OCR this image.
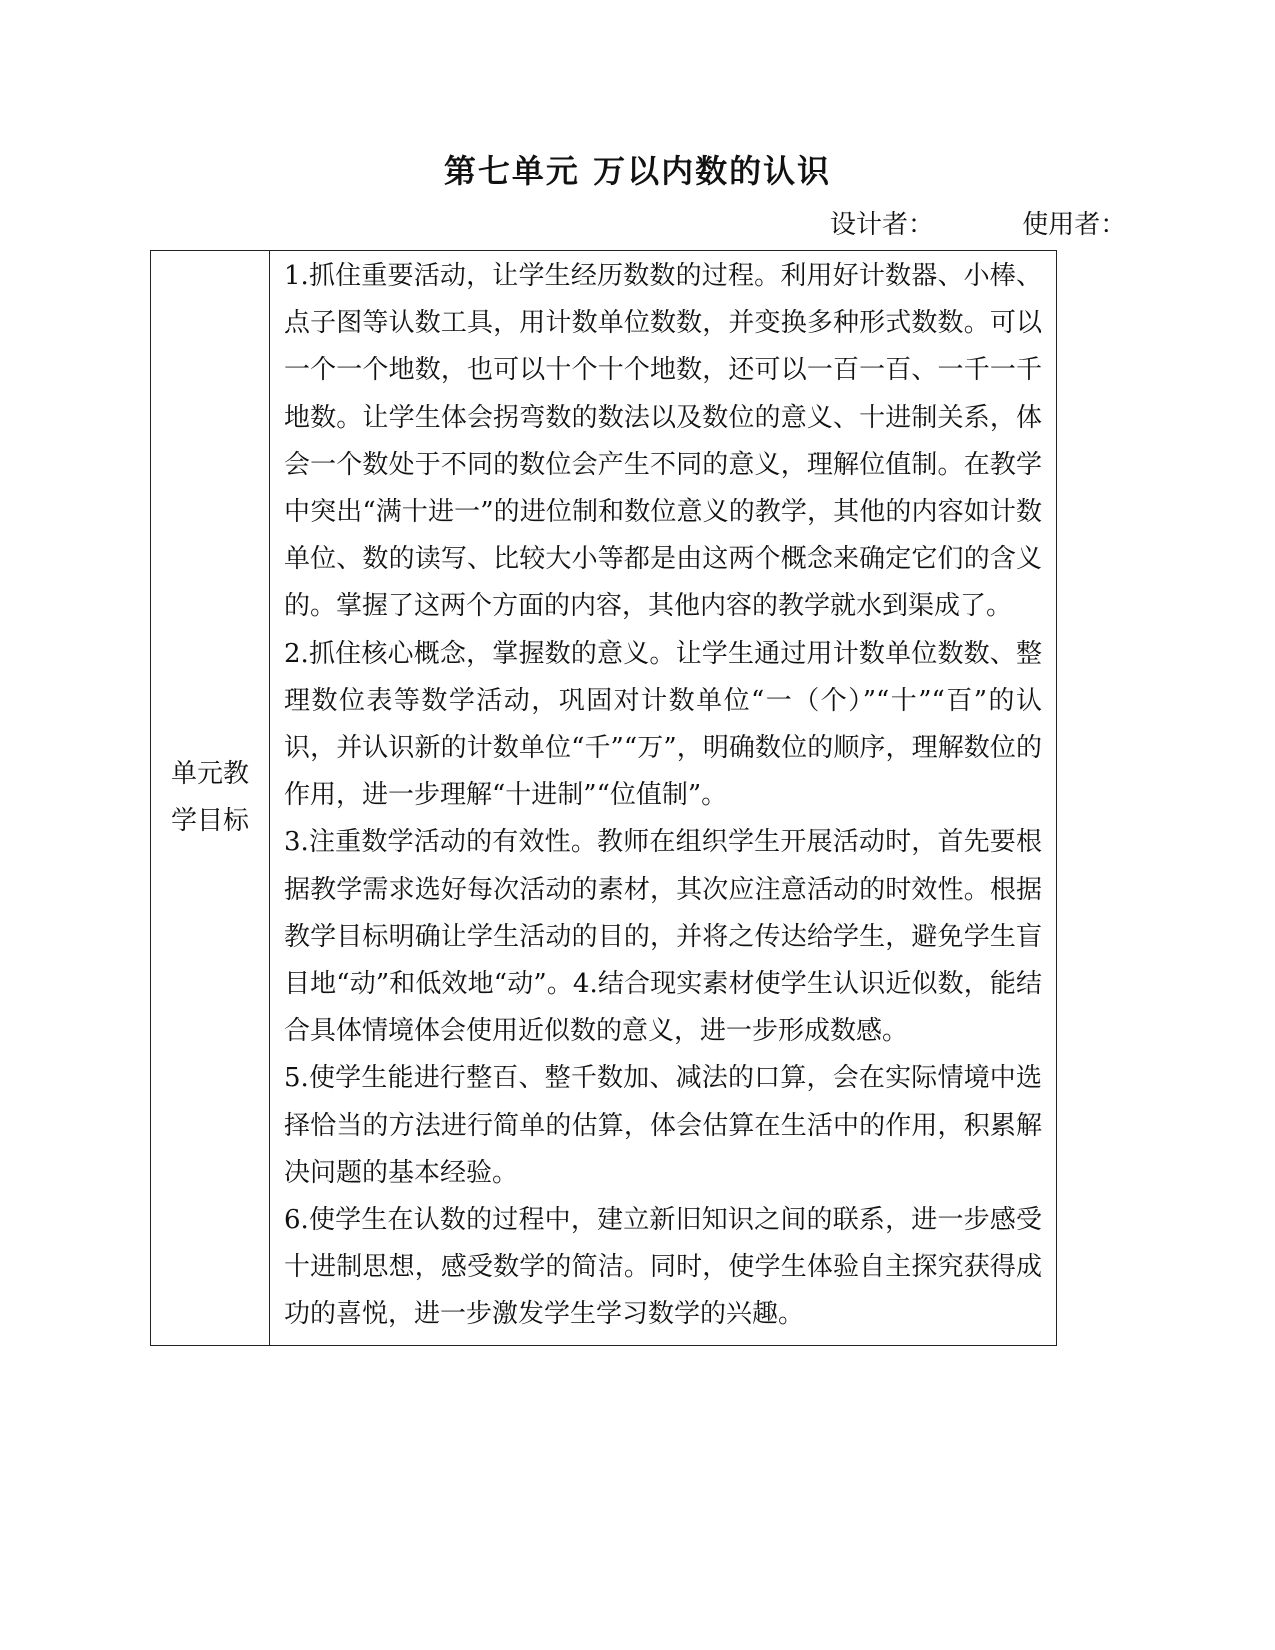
第七单元 万以内数的认识
设计者：	使用者：
单元教学目标	

1.抓住重要活动，让学生经历数数的过程。利用好计数器、小棒、点子图等认数工具，用计数单位数数，并变换多种形式数数。可以一个一个地数，也可以十个十个地数，还可以一百一百、一千一千地数。让学生体会拐弯数的数法以及数位的意义、十进制关系，体会一个数处于不同的数位会产生不同的意义，理解位值制。在教学中突出“满十进一”的进位制和数位意义的教学，其他的内容如计数单位、数的读写、比较大小等都是由这两个概念来确定它们的含义的。掌握了这两个方面的内容，其他内容的教学就水到渠成了。

2.抓住核心概念，掌握数的意义。让学生通过用计数单位数数、整理数位表等数学活动，巩固对计数单位“一（个）”“十”“百”的认识，并认识新的计数单位“千”“万”，明确数位的顺序，理解数位的作用，进一步理解“十进制”“位值制”。

3.注重数学活动的有效性。教师在组织学生开展活动时，首先要根据教学需求选好每次活动的素材，其次应注意活动的时效性。根据教学目标明确让学生活动的目的，并将之传达给学生，避免学生盲目地“动”和低效地“动”。4.结合现实素材使学生认识近似数，能结合具体情境体会使用近似数的意义，进一步形成数感。

5.使学生能进行整百、整千数加、减法的口算，会在实际情境中选择恰当的方法进行简单的估算，体会估算在生活中的作用，积累解决问题的基本经验。

6.使学生在认数的过程中，建立新旧知识之间的联系，进一步感受十进制思想，感受数学的简洁。同时，使学生体验自主探究获得成功的喜悦，进一步激发学生学习数学的兴趣。
